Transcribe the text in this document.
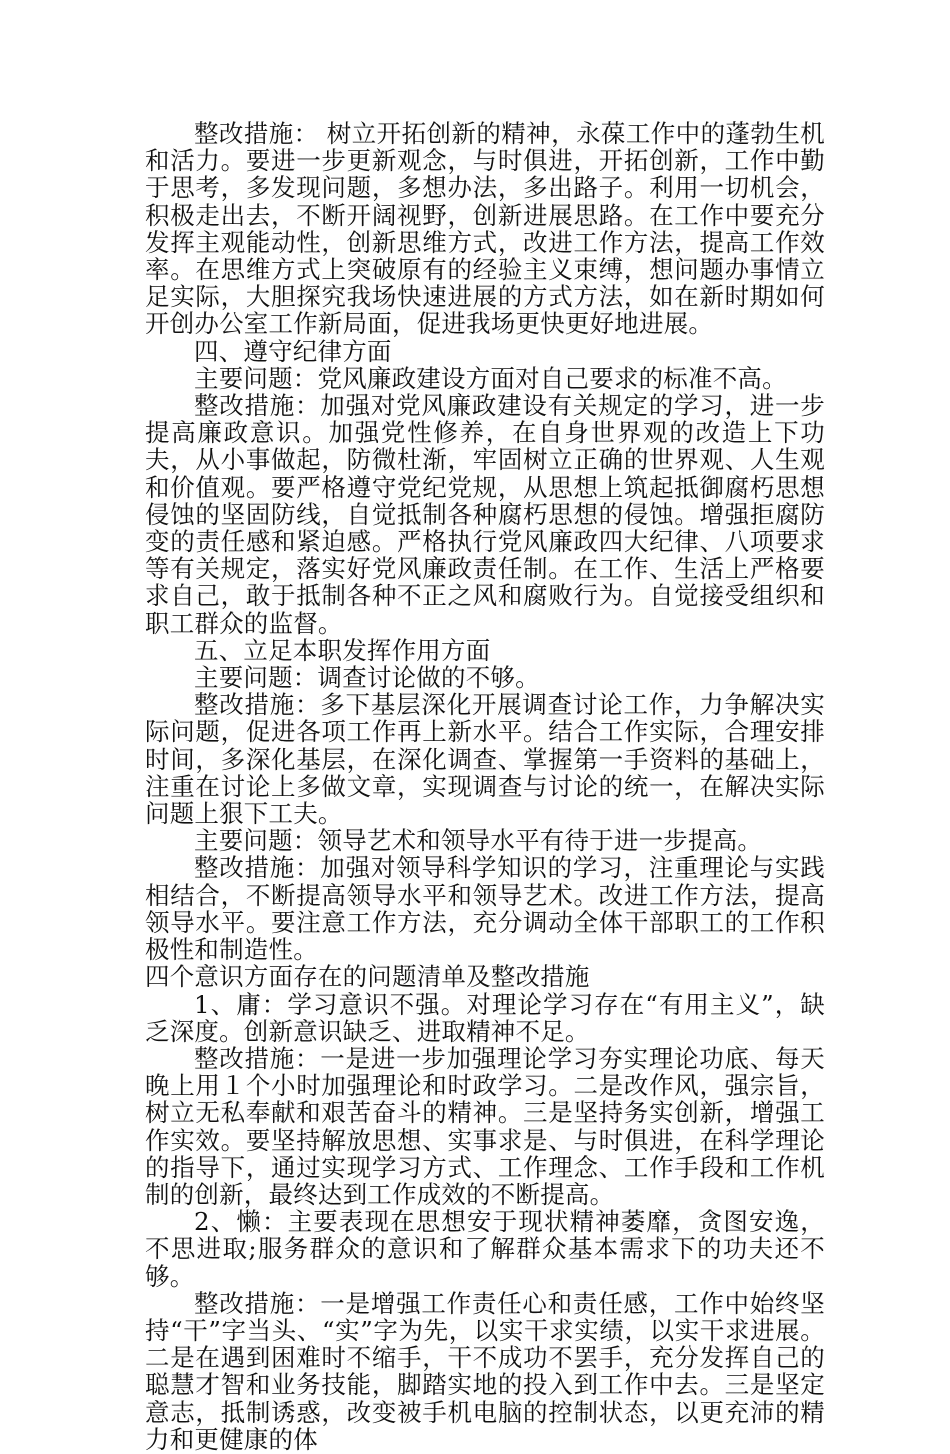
整改措施： 树立开拓创新的精神，永葆工作中的蓬勃生机和活力。要进一步更新观念，与时俱进，开拓创新，工作中勤于思考，多发现问题，多想办法，多出路子。利用一切机会，积极走出去，不断开阔视野，创新进展思路。在工作中要充分发挥主观能动性，创新思维方式，改进工作方法，提高工作效率。在思维方式上突破原有的经验主义束缚，想问题办事情立足实际，大胆探究我场快速进展的方式方法，如在新时期如何开创办公室工作新局面，促进我场更快更好地进展。

四、遵守纪律方面

主要问题：党风廉政建设方面对自己要求的标准不高。

整改措施：加强对党风廉政建设有关规定的学习，进一步提高廉政意识。加强党性修养，在自身世界观的改造上下功夫，从小事做起，防微杜渐，牢固树立正确的世界观、人生观和价值观。要严格遵守党纪党规，从思想上筑起抵御腐朽思想侵蚀的坚固防线，自觉抵制各种腐朽思想的侵蚀。增强拒腐防变的责任感和紧迫感。严格执行党风廉政四大纪律、八项要求等有关规定，落实好党风廉政责任制。在工作、生活上严格要求自己，敢于抵制各种不正之风和腐败行为。自觉接受组织和职工群众的监督。

五、立足本职发挥作用方面

主要问题：调查讨论做的不够。

整改措施：多下基层深化开展调查讨论工作，力争解决实际问题，促进各项工作再上新水平。结合工作实际，合理安排时间，多深化基层，在深化调查、掌握第一手资料的基础上，注重在讨论上多做文章，实现调查与讨论的统一，在解决实际问题上狠下工夫。

主要问题：领导艺术和领导水平有待于进一步提高。

整改措施：加强对领导科学知识的学习，注重理论与实践相结合，不断提高领导水平和领导艺术。改进工作方法，提高领导水平。要注意工作方法，充分调动全体干部职工的工作积极性和制造性。

四个意识方面存在的问题清单及整改措施

1、庸：学习意识不强。对理论学习存在“有用主义”，缺乏深度。创新意识缺乏、进取精神不足。

整改措施：一是进一步加强理论学习夯实理论功底、每天晚上用１个小时加强理论和时政学习。二是改作风，强宗旨，树立无私奉献和艰苦奋斗的精神。三是坚持务实创新，增强工作实效。要坚持解放思想、实事求是、与时俱进，在科学理论的指导下，通过实现学习方式、工作理念、工作手段和工作机制的创新，最终达到工作成效的不断提高。

2、懒：主要表现在思想安于现状精神萎靡，贪图安逸，不思进取;服务群众的意识和了解群众基本需求下的功夫还不够。

整改措施：一是增强工作责任心和责任感，工作中始终坚持“干”字当头、“实”字为先，以实干求实绩，以实干求进展。二是在遇到困难时不缩手，干不成功不罢手，充分发挥自己的聪慧才智和业务技能，脚踏实地的投入到工作中去。三是坚定意志，抵制诱惑，改变被手机电脑的控制状态，以更充沛的精力和更健康的体
